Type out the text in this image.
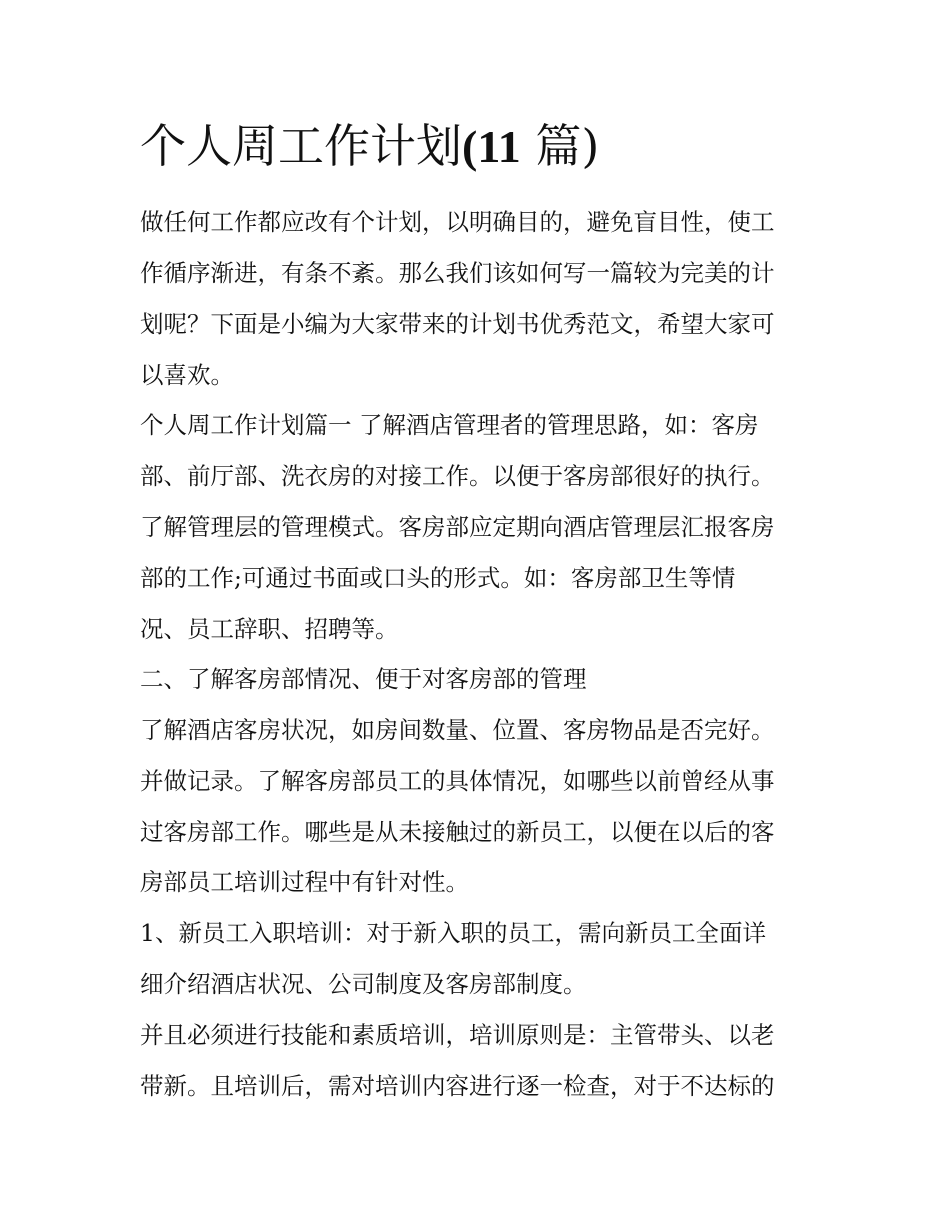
个人周工作计划(11 篇)

做任何工作都应改有个计划，以明确目的，避免盲目性，使工

作循序渐进，有条不紊。那么我们该如何写一篇较为完美的计

划呢？下面是小编为大家带来的计划书优秀范文，希望大家可

以喜欢。

个人周工作计划篇一 了解酒店管理者的管理思路，如：客房

部、前厅部、洗衣房的对接工作。以便于客房部很好的执行。

了解管理层的管理模式。客房部应定期向酒店管理层汇报客房

部的工作;可通过书面或口头的形式。如：客房部卫生等情

况、员工辞职、招聘等。

二、了解客房部情况、便于对客房部的管理

了解酒店客房状况，如房间数量、位置、客房物品是否完好。

并做记录。了解客房部员工的具体情况，如哪些以前曾经从事

过客房部工作。哪些是从未接触过的新员工，以便在以后的客

房部员工培训过程中有针对性。

1、新员工入职培训：对于新入职的员工，需向新员工全面详

细介绍酒店状况、公司制度及客房部制度。

并且必须进行技能和素质培训，培训原则是：主管带头、以老

带新。且培训后，需对培训内容进行逐一检查，对于不达标的
